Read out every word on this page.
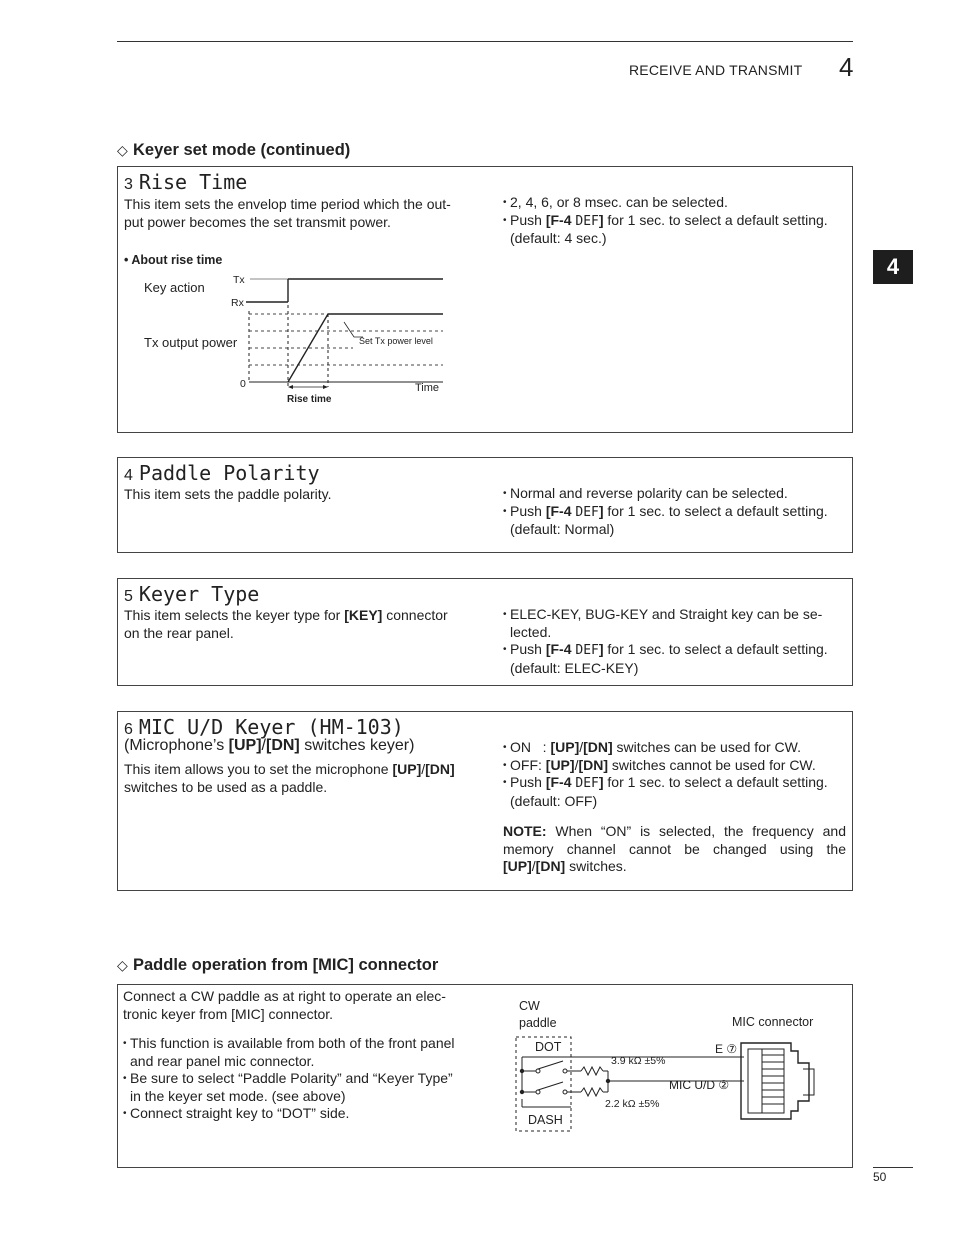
RECEIVE AND TRANSMIT 4
4
◇ Keyer set mode (continued)
3 Rise Time
This item sets the envelop time period which the out-
put power becomes the set transmit power.
• 2, 4, 6, or 8 msec. can be selected.
• Push [F-4 DEF] for 1 sec. to select a default setting.
(default: 4 sec.)
• About rise time
Key action
Tx output power
Tx
Rx
0	Time
Rise time
Set Tx power level
4 Paddle Polarity
This item sets the paddle polarity.
•	Normal and reverse polarity can be selected.
• Push [F-4 DEF] for 1 sec. to select a default setting.
(default: Normal)
5 Keyer Type
This item selects the keyer type for [KEY] connector
on the rear panel.
• ELEC-KEY, BUG-KEY and Straight key can be se-
lected.
• Push [F-4 DEF] for 1 sec. to select a default setting.
(default: ELEC-KEY)
6 MIC U/D Keyer (HM-103)
(Microphone’s [UP]/[DN] switches keyer)
This item allows you to set the microphone [UP]/[DN]
switches to be used as a paddle.
• ON   : [UP]/[DN] switches can be used for CW.
• OFF: [UP]/[DN] switches cannot be used for CW.
• Push [F-4 DEF] for 1 sec. to select a default setting.
(default: OFF)
NOTE: When “ON” is selected, the frequency and memory channel cannot be changed using the [UP]/[DN] switches.
◇ Paddle operation from [MIC] connector
Connect a CW paddle as at right to operate an elec-
tronic keyer from [MIC] connector.
• This function is available from both of the front panel
and rear panel mic connector.
• Be sure to select “Paddle Polarity” and “Keyer Type”
in the keyer set mode. (see above)
• Connect straight key to “DOT” side.
CW
paddle	MIC connector
DOT
DASH
3.9 kΩ ±5%
2.2 kΩ ±5%
MIC U/D ②
E ⑦
50
